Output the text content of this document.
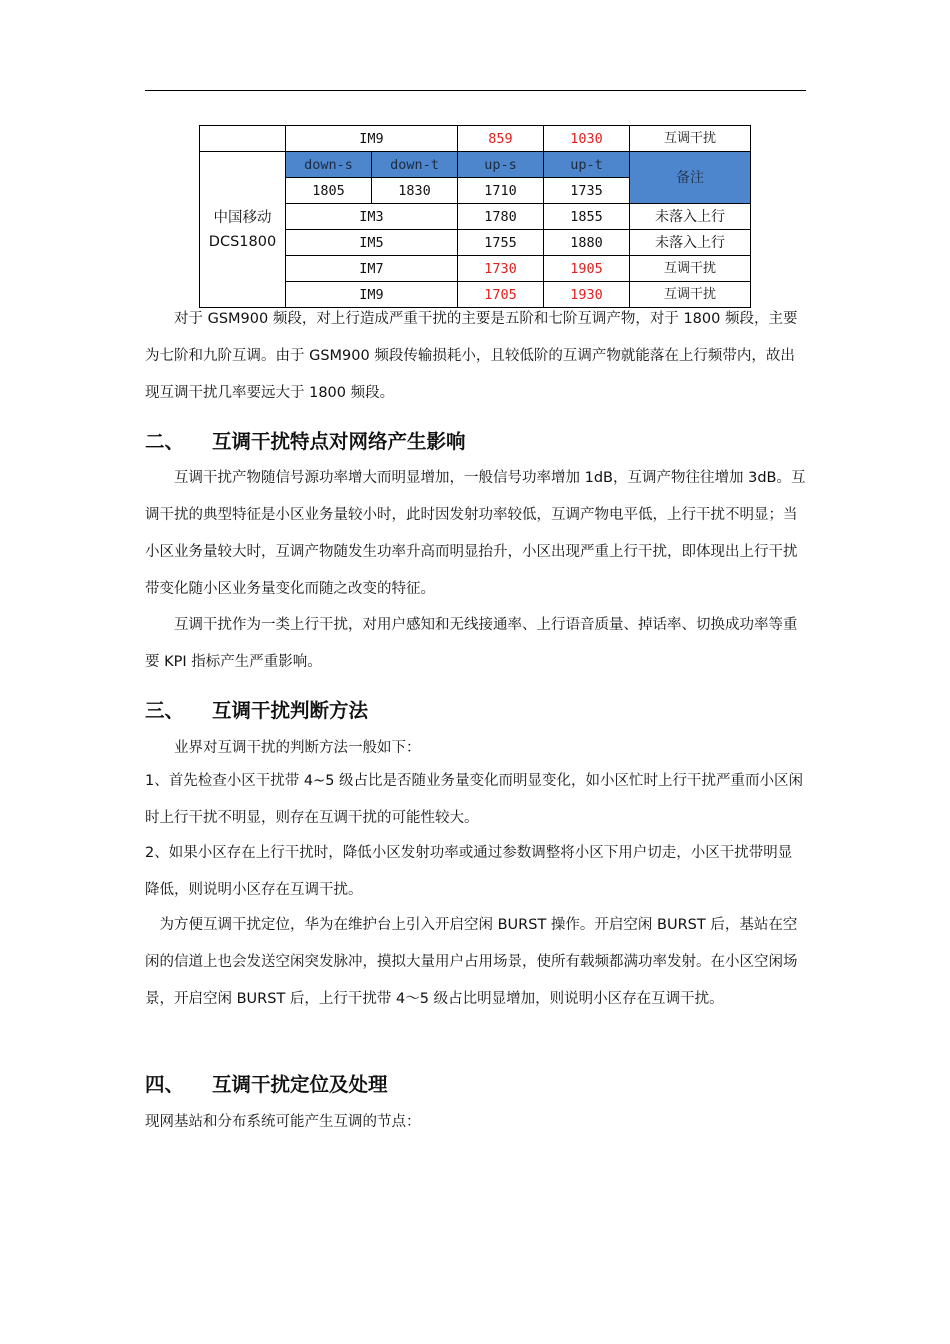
	IM9		859	1030	互调干扰
中国移动
DCS1800	down-s	down-t	up-s	up-t	备注
	1805	1830	1710	1735	
	IM3		1780	1855	未落入上行
	IM5		1755	1880	未落入上行
	IM7		1730	1905	互调干扰
	IM9		1705	1930	互调干扰

对于 GSM900 频段，对上行造成严重干扰的主要是五阶和七阶互调产物，对于 1800 频段，主要为七阶和九阶互调。由于 GSM900 频段传输损耗小，且较低阶的互调产物就能落在上行频带内，故出现互调干扰几率要远大于 1800 频段。

二、 互调干扰特点对网络产生影响

互调干扰产物随信号源功率增大而明显增加，一般信号功率增加 1dB，互调产物往往增加 3dB。互调干扰的典型特征是小区业务量较小时，此时因发射功率较低，互调产物电平低，上行干扰不明显；当小区业务量较大时，互调产物随发生功率升高而明显抬升，小区出现严重上行干扰，即体现出上行干扰带变化随小区业务量变化而随之改变的特征。

互调干扰作为一类上行干扰，对用户感知和无线接通率、上行语音质量、掉话率、切换成功率等重要 KPI 指标产生严重影响。

三、 互调干扰判断方法

业界对互调干扰的判断方法一般如下：

1、首先检查小区干扰带 4~5 级占比是否随业务量变化而明显变化，如小区忙时上行干扰严重而小区闲时上行干扰不明显，则存在互调干扰的可能性较大。

2、如果小区存在上行干扰时，降低小区发射功率或通过参数调整将小区下用户切走，小区干扰带明显降低，则说明小区存在互调干扰。

为方便互调干扰定位，华为在维护台上引入开启空闲 BURST 操作。开启空闲 BURST 后，基站在空闲的信道上也会发送空闲突发脉冲，摸拟大量用户占用场景，使所有载频都满功率发射。在小区空闲场景，开启空闲 BURST 后，上行干扰带 4～5 级占比明显增加，则说明小区存在互调干扰。

四、 互调干扰定位及处理

现网基站和分布系统可能产生互调的节点：
